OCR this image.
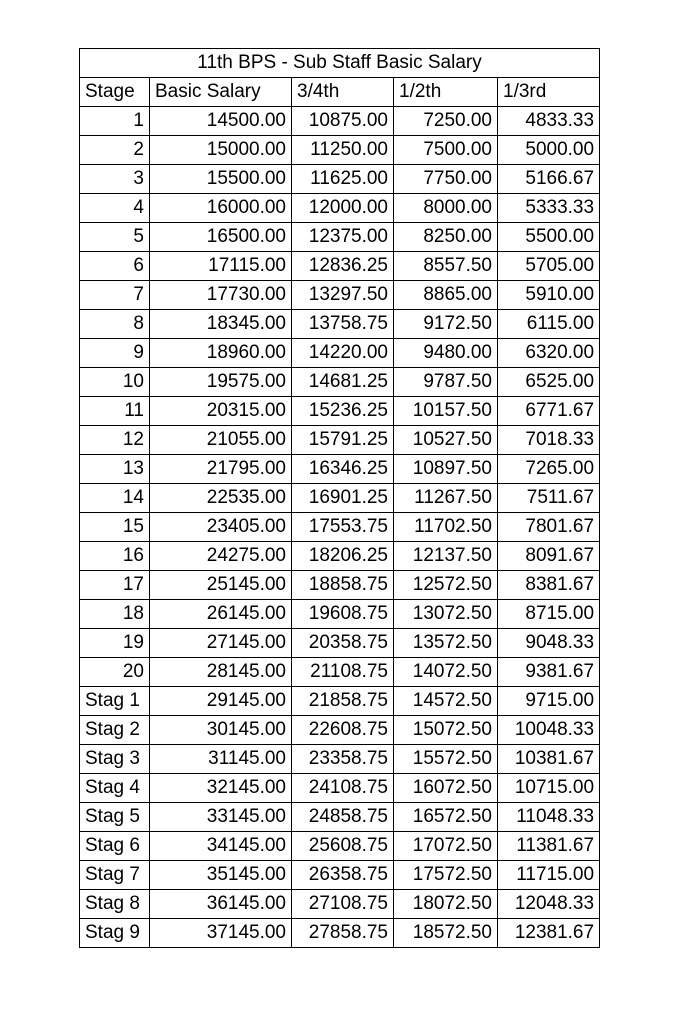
11th BPS - Sub Staff Basic Salary				
Stage	Basic Salary	3/4th	1/2th	1/3rd
1	14500.00	10875.00	7250.00	4833.33
2	15000.00	11250.00	7500.00	5000.00
3	15500.00	11625.00	7750.00	5166.67
4	16000.00	12000.00	8000.00	5333.33
5	16500.00	12375.00	8250.00	5500.00
6	17115.00	12836.25	8557.50	5705.00
7	17730.00	13297.50	8865.00	5910.00
8	18345.00	13758.75	9172.50	6115.00
9	18960.00	14220.00	9480.00	6320.00
10	19575.00	14681.25	9787.50	6525.00
11	20315.00	15236.25	10157.50	6771.67
12	21055.00	15791.25	10527.50	7018.33
13	21795.00	16346.25	10897.50	7265.00
14	22535.00	16901.25	11267.50	7511.67
15	23405.00	17553.75	11702.50	7801.67
16	24275.00	18206.25	12137.50	8091.67
17	25145.00	18858.75	12572.50	8381.67
18	26145.00	19608.75	13072.50	8715.00
19	27145.00	20358.75	13572.50	9048.33
20	28145.00	21108.75	14072.50	9381.67
Stag 1	29145.00	21858.75	14572.50	9715.00
Stag 2	30145.00	22608.75	15072.50	10048.33
Stag 3	31145.00	23358.75	15572.50	10381.67
Stag 4	32145.00	24108.75	16072.50	10715.00
Stag 5	33145.00	24858.75	16572.50	11048.33
Stag 6	34145.00	25608.75	17072.50	11381.67
Stag 7	35145.00	26358.75	17572.50	11715.00
Stag 8	36145.00	27108.75	18072.50	12048.33
Stag 9	37145.00	27858.75	18572.50	12381.67
